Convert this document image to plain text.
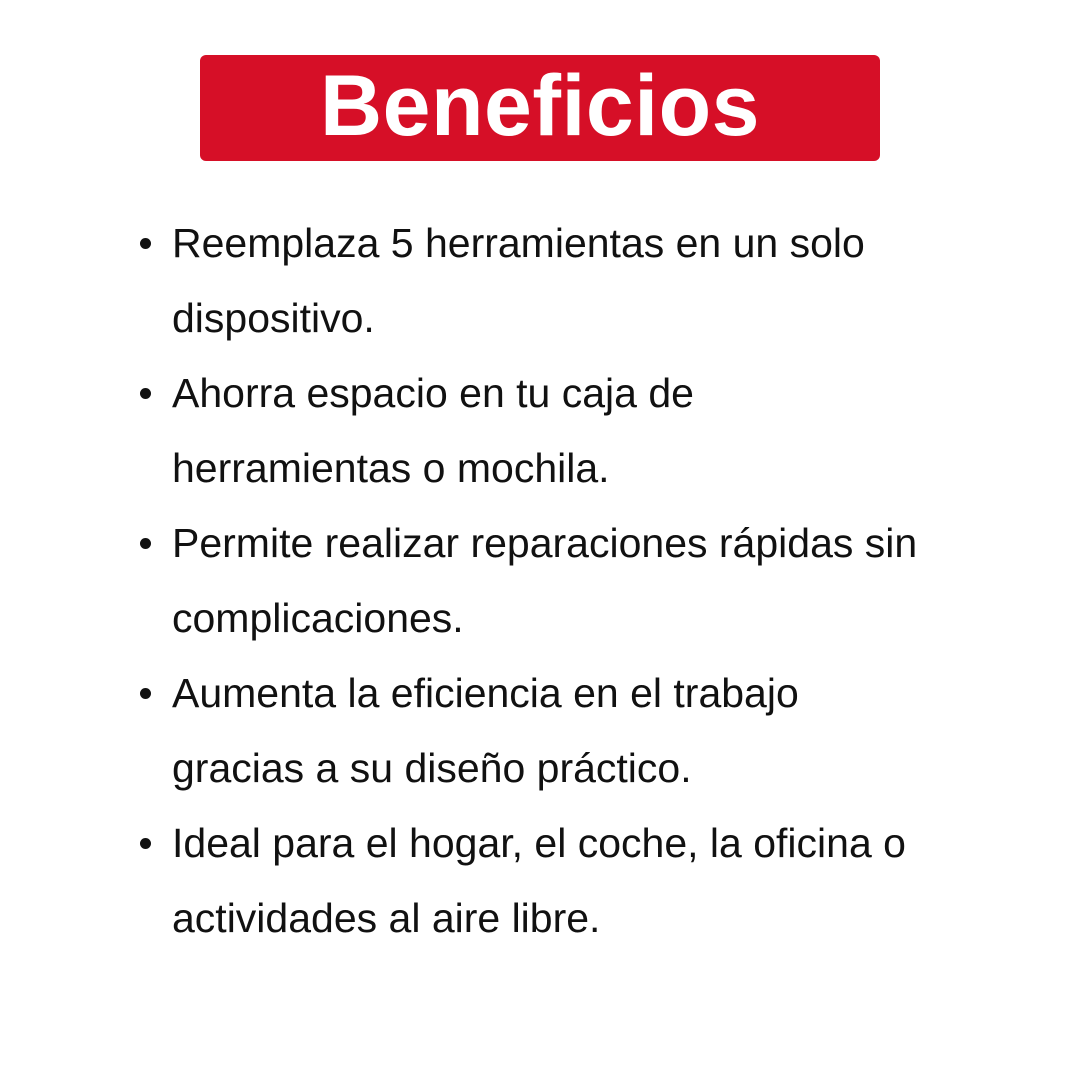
Beneficios
Reemplaza 5 herramientas en un solo
dispositivo.
Ahorra espacio en tu caja de
herramientas o mochila.
Permite realizar reparaciones rápidas sin
complicaciones.
Aumenta la eficiencia en el trabajo
gracias a su diseño práctico.
Ideal para el hogar, el coche, la oficina o
actividades al aire libre.
